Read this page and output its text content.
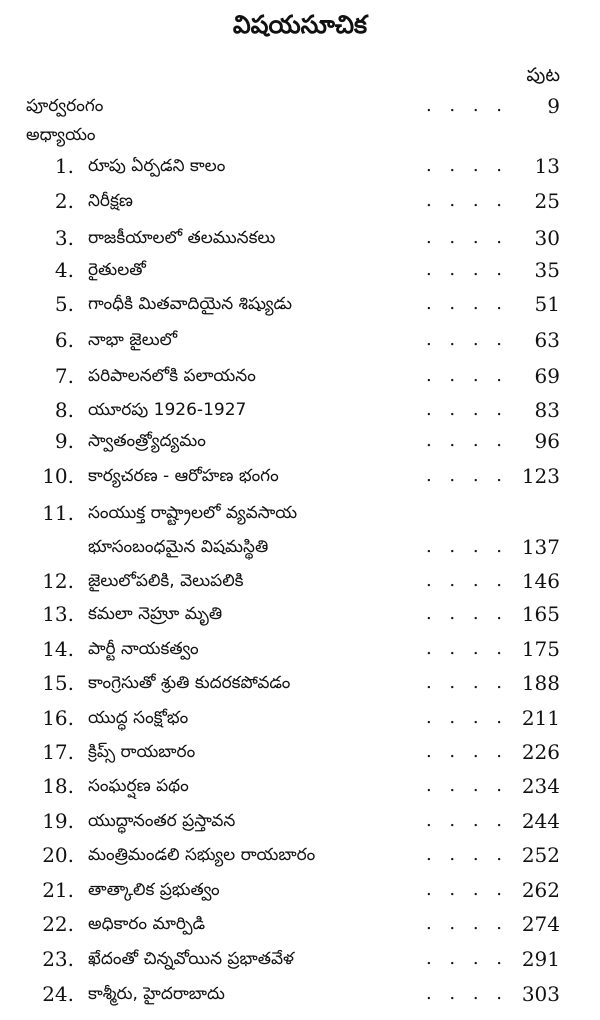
విషయసూచిక
పుట
పూర్వరంగం	. . . . 9
అధ్యాయం
1. రూపు ఏర్పడని కాలం	. . . . 13
2. నిరీక్షణ	. . . . 25
3. రాజకీయాలలో తలమునకలు	. . . . 30
4. రైతులతో	. . . . 35
5. గాంధీకి మితవాదియైన శిష్యుడు	. . . . 51
6. నాభా జైలులో	. . . . 63
7. పరిపాలనలోకి పలాయనం	. . . . 69
8. యూరపు 1926-1927	. . . . 83
9. స్వాతంత్ర్యోద్యమం	. . . . 96
10. కార్యచరణ - ఆరోహణ భంగం	. . . . 123
11. సంయుక్త రాష్ట్రాలలో వ్యవసాయ
భూసంబంధమైన విషమస్థితి	. . . . 137
12. జైలులోపలికి, వెలుపలికి	. . . . 146
13. కమలా నెహ్రూ మృతి	. . . . 165
14. పార్టీ నాయకత్వం	. . . . 175
15. కాంగ్రెసుతో శ్రుతి కుదరకపోవడం	. . . . 188
16. యుద్ధ సంక్షోభం	. . . . 211
17. క్రిప్స్ రాయబారం	. . . . 226
18. సంఘర్షణ పథం	. . . . 234
19. యుద్ధానంతర ప్రస్తావన	. . . . 244
20. మంత్రిమండలి సభ్యుల రాయబారం	. . . . 252
21. తాత్కాలిక ప్రభుత్వం	. . . . 262
22. అధికారం మార్పిడి	. . . . 274
23. ఖేదంతో చిన్నవోయిన ప్రభాతవేళ	. . . . 291
24. కాశ్మీరు, హైదరాబాదు	. . . . 303
